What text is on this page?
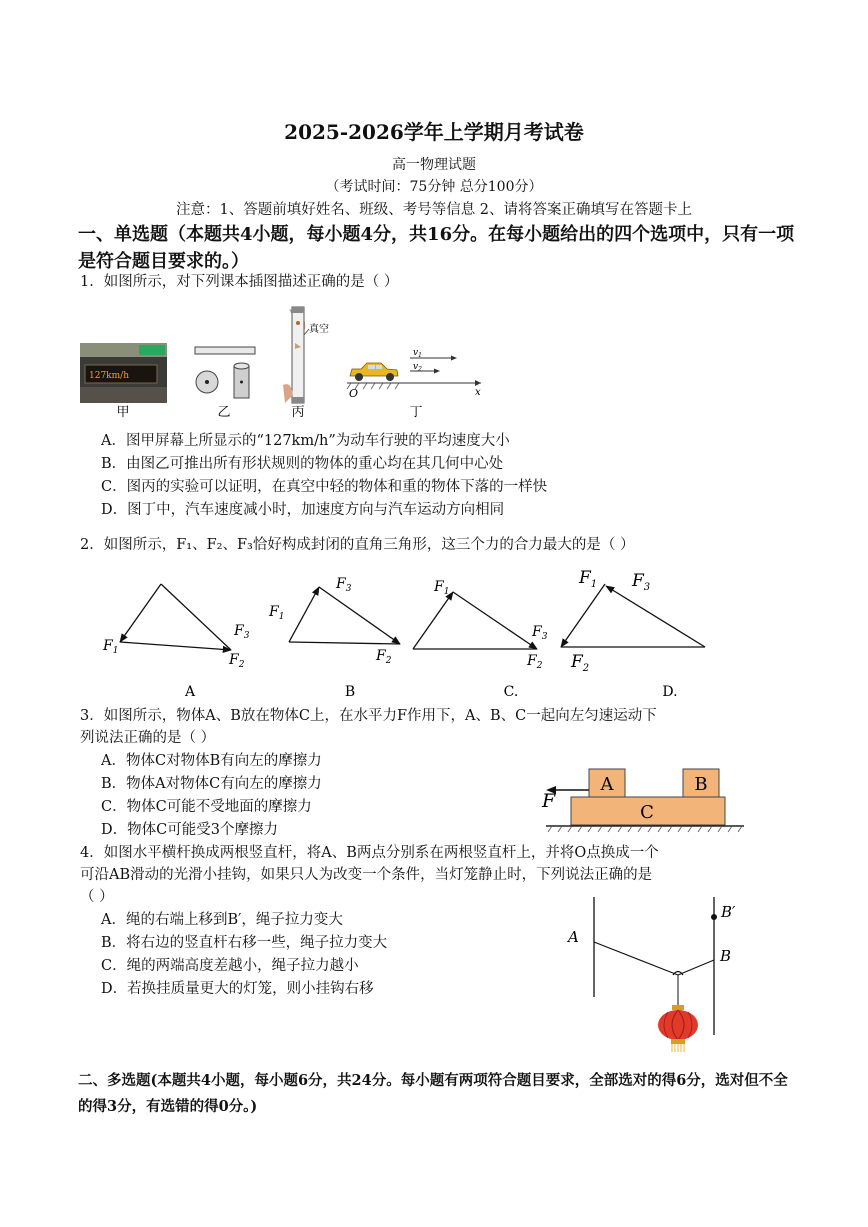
2025-2026学年上学期月考试卷
高一物理试题
（考试时间：75分钟 总分100分）
注意：1、答题前填好姓名、班级、考号等信息 2、请将答案正确填写在答题卡上
一、单选题（本题共4小题，每小题4分，共16分。在每小题给出的四个选项中，只有一项是符合题目要求的。）
1．如图所示，对下列课本插图描述正确的是（ ）
127km/h
甲	乙
真空
丙
$v_1$
$v_2$
O	x
丁
A．图甲屏幕上所显示的“127km/h”为动车行驶的平均速度大小
B．由图乙可推出所有形状规则的物体的重心均在其几何中心处
C．图丙的实验可以证明，在真空中轻的物体和重的物体下落的一样快
D．图丁中，汽车速度减小时，加速度方向与汽车运动方向相同
2．如图所示，F₁、F₂、F₃恰好构成封闭的直角三角形，这三个力的合力最大的是（ ）
$F_1$
$F_3$
$F_2$
A
$F_1$
$F_3$
$F_2$
B
$F_1$
$F_3$
$F_2$
C.
$F_1$ $F_3$
$F_2$
D.
3．如图所示，物体A、B放在物体C上，在水平力F作用下，A、B、C一起向左匀速运动下
列说法正确的是（ ）
A．物体C对物体B有向左的摩擦力
B．物体A对物体C有向左的摩擦力
C．物体C可能不受地面的摩擦力
D．物体C可能受3个摩擦力
A	B
C
F
4．如图水平横杆换成两根竖直杆，将A、B两点分别系在两根竖直杆上，并将O点换成一个
可沿AB滑动的光滑小挂钩，如果只人为改变一个条件，当灯笼静止时，下列说法正确的是
（ ）
A．绳的右端上移到B′，绳子拉力变大
B．将右边的竖直杆右移一些，绳子拉力变大
C．绳的两端高度差越小，绳子拉力越小
D．若换挂质量更大的灯笼，则小挂钩右移
B′
A
B
二、多选题(本题共4小题，每小题6分，共24分。每小题有两项符合题目要求，全部选对的得6分，选对但不全的得3分，有选错的得0分。)
